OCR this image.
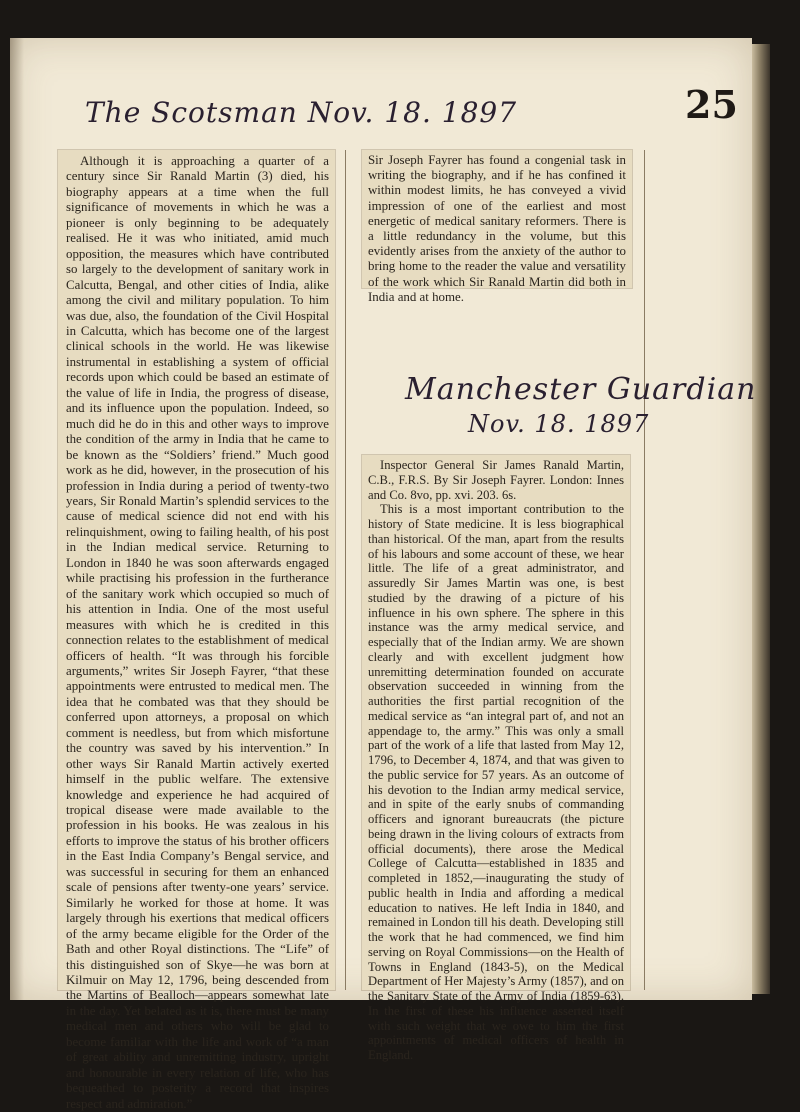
25
The Scotsman Nov. 18. 1897

Although it is approaching a quarter of a century since Sir Ranald Martin (3) died, his biography appears at a time when the full significance of movements in which he was a pioneer is only beginning to be adequately realised. He it was who initiated, amid much opposition, the measures which have contributed so largely to the development of sanitary work in Calcutta, Bengal, and other cities of India, alike among the civil and military population. To him was due, also, the foundation of the Civil Hospital in Calcutta, which has become one of the largest clinical schools in the world. He was likewise instrumental in establishing a system of official records upon which could be based an estimate of the value of life in India, the progress of disease, and its influence upon the population. Indeed, so much did he do in this and other ways to improve the condition of the army in India that he came to be known as the “Soldiers’ friend.” Much good work as he did, however, in the prosecution of his profession in India during a period of twenty-two years, Sir Ronald Martin’s splendid services to the cause of medical science did not end with his relinquishment, owing to failing health, of his post in the Indian medical service. Returning to London in 1840 he was soon afterwards engaged while practising his profession in the furtherance of the sanitary work which occupied so much of his attention in India. One of the most useful measures with which he is credited in this connection relates to the establishment of medical officers of health. “It was through his forcible arguments,” writes Sir Joseph Fayrer, “that these appointments were entrusted to medical men. The idea that he combated was that they should be conferred upon attorneys, a proposal on which comment is needless, but from which misfortune the country was saved by his intervention.” In other ways Sir Ranald Martin actively exerted himself in the public welfare. The extensive knowledge and experience he had acquired of tropical disease were made available to the profession in his books. He was zealous in his efforts to improve the status of his brother officers in the East India Company’s Bengal service, and was successful in securing for them an enhanced scale of pensions after twenty-one years’ service. Similarly he worked for those at home. It was largely through his exertions that medical officers of the army became eligible for the Order of the Bath and other Royal distinctions. The “Life” of this distinguished son of Skye—he was born at Kilmuir on May 12, 1796, being descended from the Martins of Bealloch—appears somewhat late in the day. Yet belated as it is, there must be many medical men and others who will be glad to become familiar with the life and work of “a man of great ability and unremitting industry, upright and honourable in every relation of life, who has bequeathed to posterity a record that inspires respect and admiration.”

Sir Joseph Fayrer has found a congenial task in writing the biography, and if he has confined it within modest limits, he has conveyed a vivid impression of one of the earliest and most energetic of medical sanitary reformers. There is a little redundancy in the volume, but this evidently arises from the anxiety of the author to bring home to the reader the value and versatility of the work which Sir Ranald Martin did both in India and at home.

Manchester Guardian
Nov. 18. 1897

Inspector General Sir James Ranald Martin, C.B., F.R.S. By Sir Joseph Fayrer. London: Innes and Co. 8vo, pp. xvi. 203. 6s.

This is a most important contribution to the history of State medicine. It is less biographical than historical. Of the man, apart from the results of his labours and some account of these, we hear little. The life of a great administrator, and assuredly Sir James Martin was one, is best studied by the drawing of a picture of his influence in his own sphere. The sphere in this instance was the army medical service, and especially that of the Indian army. We are shown clearly and with excellent judgment how unremitting determination founded on accurate observation succeeded in winning from the authorities the first partial recognition of the medical service as “an integral part of, and not an appendage to, the army.” This was only a small part of the work of a life that lasted from May 12, 1796, to December 4, 1874, and that was given to the public service for 57 years. As an outcome of his devotion to the Indian army medical service, and in spite of the early snubs of commanding officers and ignorant bureaucrats (the picture being drawn in the living colours of extracts from official documents), there arose the Medical College of Calcutta—established in 1835 and completed in 1852,—inaugurating the study of public health in India and affording a medical education to natives. He left India in 1840, and remained in London till his death. Developing still the work that he had commenced, we find him serving on Royal Commissions—on the Health of Towns in England (1843-5), on the Medical Department of Her Majesty’s Army (1857), and on the Sanitary State of the Army of India (1859-63). In the first of these his influence asserted itself with such weight that we owe to him the first appointments of medical officers of health in England.
